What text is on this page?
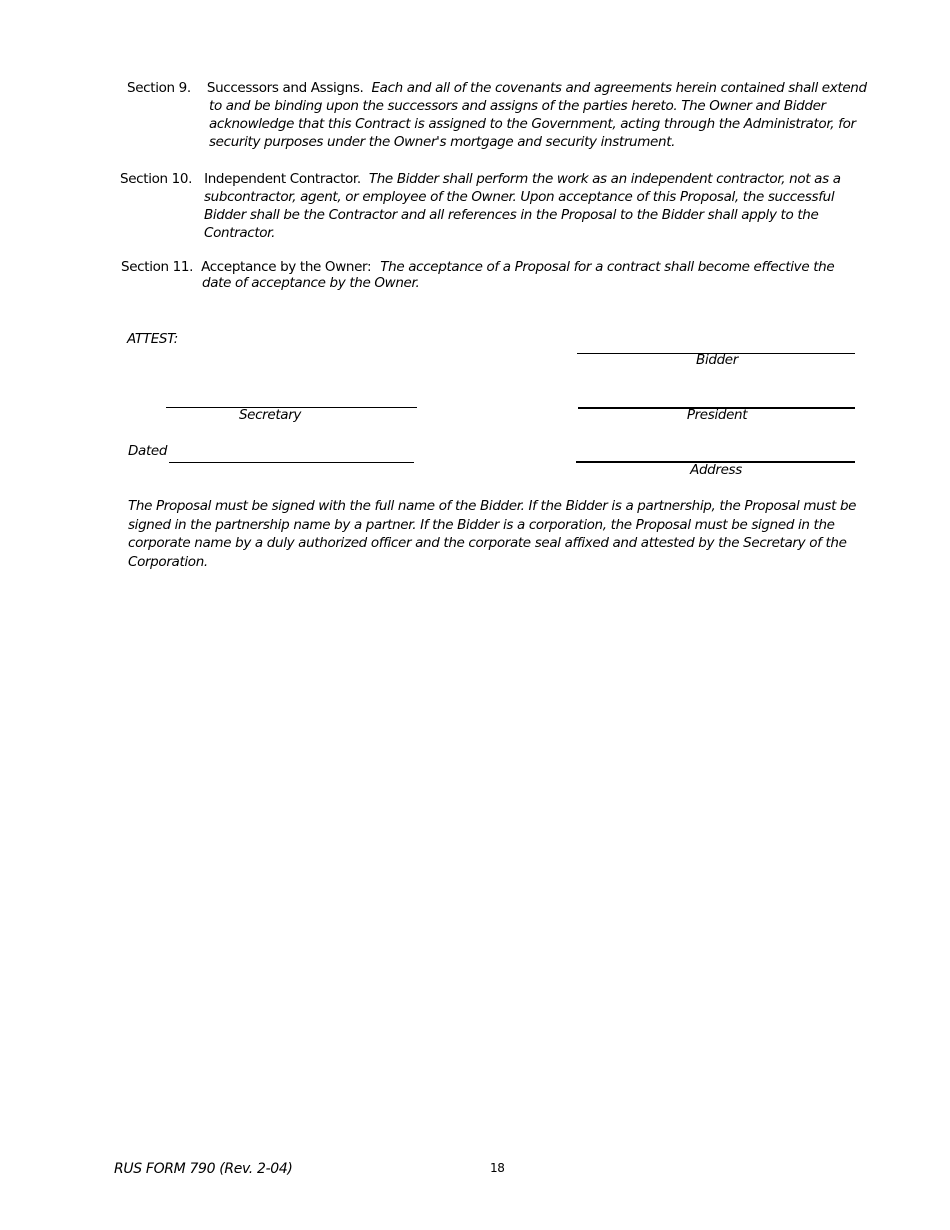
Section 9. Successors and Assigns. Each and all of the covenants and agreements herein contained shall extend
to and be binding upon the successors and assigns of the parties hereto. The Owner and Bidder
acknowledge that this Contract is assigned to the Government, acting through the Administrator, for
security purposes under the Owner's mortgage and security instrument.
Section 10. Independent Contractor. The Bidder shall perform the work as an independent contractor, not as a
subcontractor, agent, or employee of the Owner. Upon acceptance of this Proposal, the successful
Bidder shall be the Contractor and all references in the Proposal to the Bidder shall apply to the
Contractor.
Section 11. Acceptance by the Owner: The acceptance of a Proposal for a contract shall become effective the
date of acceptance by the Owner.
ATTEST:
Bidder
Secretary	President
Dated
Address
The Proposal must be signed with the full name of the Bidder. If the Bidder is a partnership, the Proposal must be
signed in the partnership name by a partner. If the Bidder is a corporation, the Proposal must be signed in the
corporate name by a duly authorized officer and the corporate seal affixed and attested by the Secretary of the
Corporation.
RUS FORM 790 (Rev. 2-04)	18
